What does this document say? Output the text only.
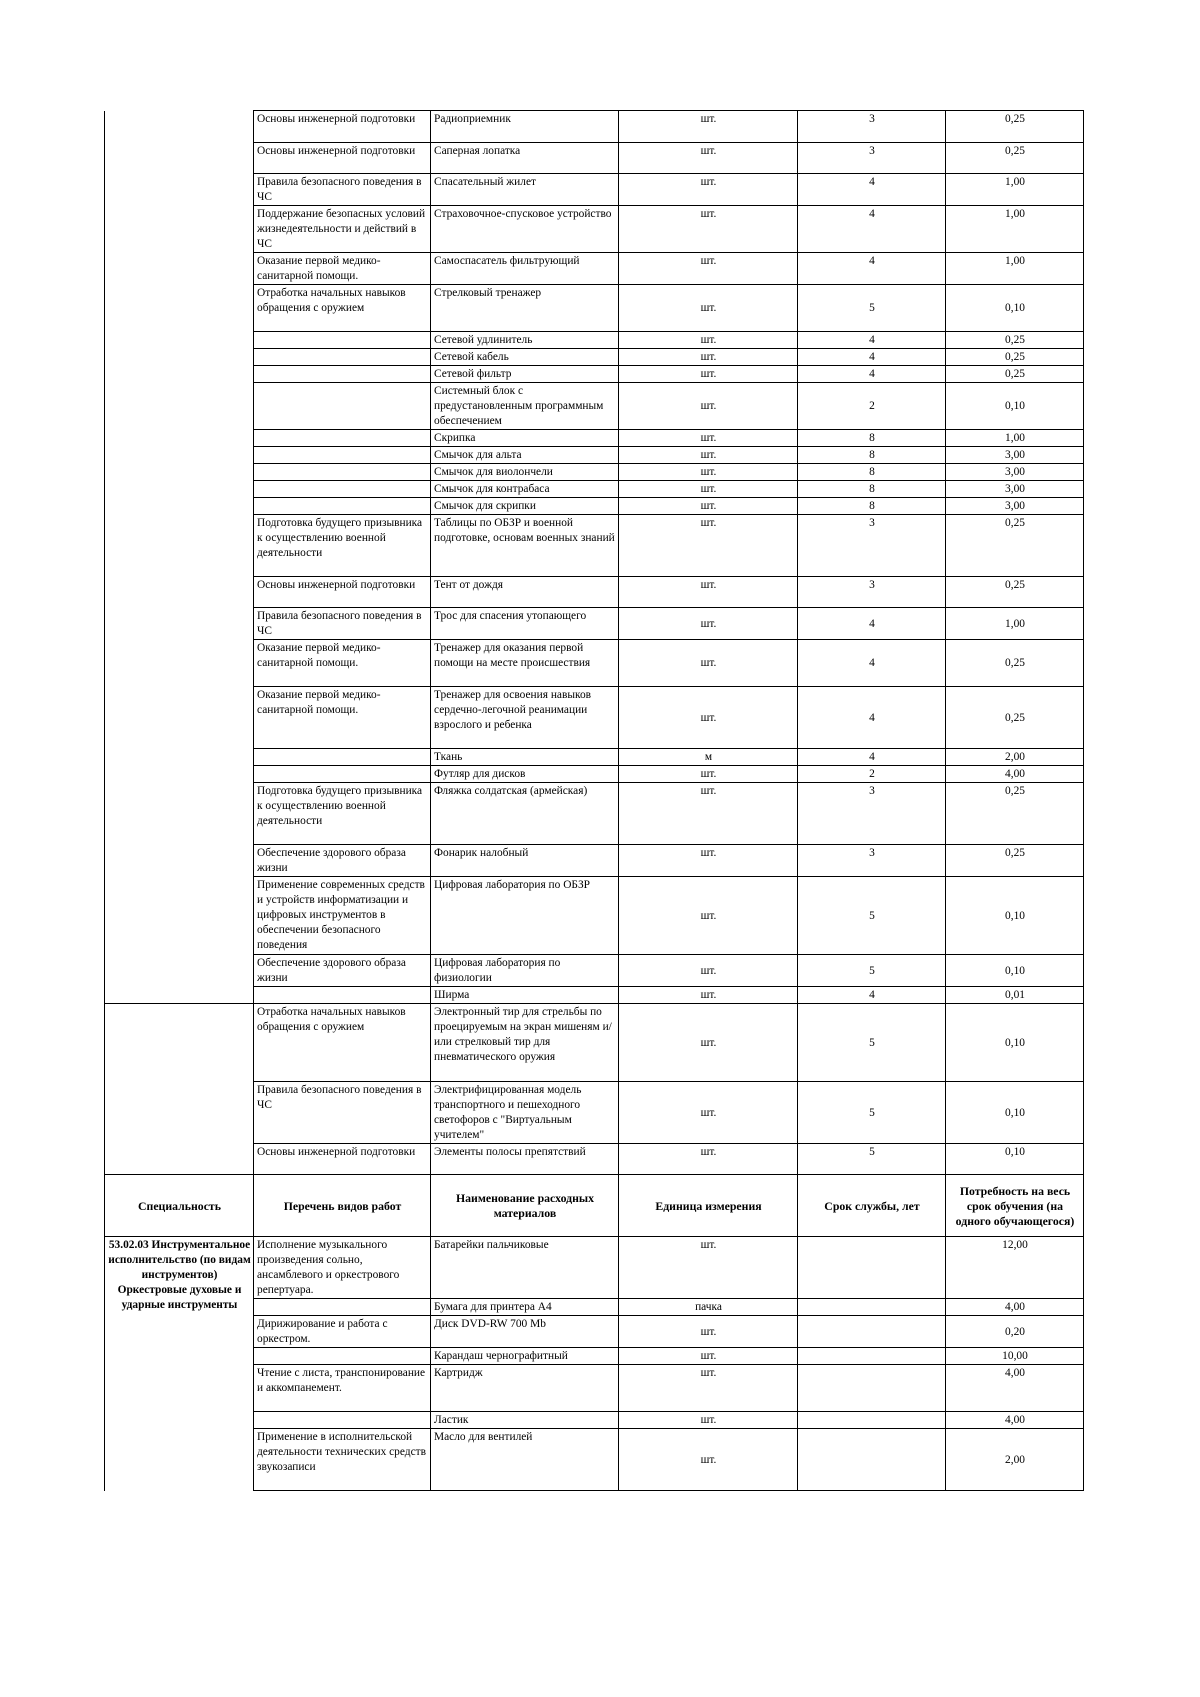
	Основы инженерной подготовки	Радиоприемник	шт.	3	0,25
	Основы инженерной подготовки	Саперная лопатка	шт.	3	0,25
	Правила безопасного поведения в ЧС	Спасательный жилет	шт.	4	1,00
	Поддержание безопасных условий жизнедеятельности и действий в ЧС	Страховочное-спусковое устройство	шт.	4	1,00
	Оказание первой медико-санитарной помощи.	Самоспасатель фильтрующий	шт.	4	1,00
	Отработка начальных навыков обращения с оружием	Стрелковый тренажер	шт.	5	0,10
		Сетевой удлинитель	шт.	4	0,25
		Сетевой кабель	шт.	4	0,25
		Сетевой фильтр	шт.	4	0,25
		Системный блок с предустановленным программным обеспечением	шт.	2	0,10
		Скрипка	шт.	8	1,00
		Смычок для альта	шт.	8	3,00
		Смычок для виолончели	шт.	8	3,00
		Смычок для контрабаса	шт.	8	3,00
		Смычок для скрипки	шт.	8	3,00
	Подготовка будущего призывника к осуществлению военной деятельности	Таблицы по ОБЗР и военной подготовке, основам военных знаний	шт.	3	0,25
	Основы инженерной подготовки	Тент от дождя	шт.	3	0,25
	Правила безопасного поведения в ЧС	Трос для спасения утопающего	шт.	4	1,00
	Оказание первой медико-санитарной помощи.	Тренажер для оказания первой помощи на месте происшествия	шт.	4	0,25
	Оказание первой медико-санитарной помощи.	Тренажер для освоения навыков сердечно-легочной реанимации взрослого и ребенка	шт.	4	0,25
		Ткань	м	4	2,00
		Футляр для дисков	шт.	2	4,00
	Подготовка будущего призывника к осуществлению военной деятельности	Фляжка солдатская (армейская)	шт.	3	0,25
	Обеспечение здорового образа жизни	Фонарик налобный	шт.	3	0,25
	Применение современных средств и устройств информатизации и цифровых инструментов в обеспечении безопасного поведения	Цифровая лаборатория по ОБЗР	шт.	5	0,10
	Обеспечение здорового образа жизни	Цифровая лаборатория по физиологии	шт.	5	0,10
		Ширма	шт.	4	0,01
	Отработка начальных навыков обращения с оружием	Электронный тир для стрельбы по проецируемым на экран мишеням и/или стрелковый тир для пневматического оружия	шт.	5	0,10
	Правила безопасного поведения в ЧС	Электрифицированная модель транспортного и пешеходного светофоров с "Виртуальным учителем"	шт.	5	0,10
	Основы инженерной подготовки	Элементы полосы препятствий	шт.	5	0,10
Специальность	Перечень видов работ	Наименование расходных материалов	Единица измерения	Срок службы, лет	Потребность на весь срок обучения (на одного обучающегося)
53.02.03 Инструментальное исполнительство (по видам инструментов) Оркестровые духовые и ударные инструменты	Исполнение музыкального произведения сольно, ансамблевого и оркестрового репертуара.	Батарейки пальчиковые	шт.		12,00
		Бумага для принтера А4	пачка		4,00
	Дирижирование и работа с оркестром.	Диск DVD-RW 700 Mb	шт.		0,20
		Карандаш чернографитный	шт.		10,00
	Чтение с листа, транспонирование и аккомпанемент.	Картридж	шт.		4,00
		Ластик	шт.		4,00
	Применение в исполнительской деятельности технических средств звукозаписи	Масло для вентилей	шт.		2,00
